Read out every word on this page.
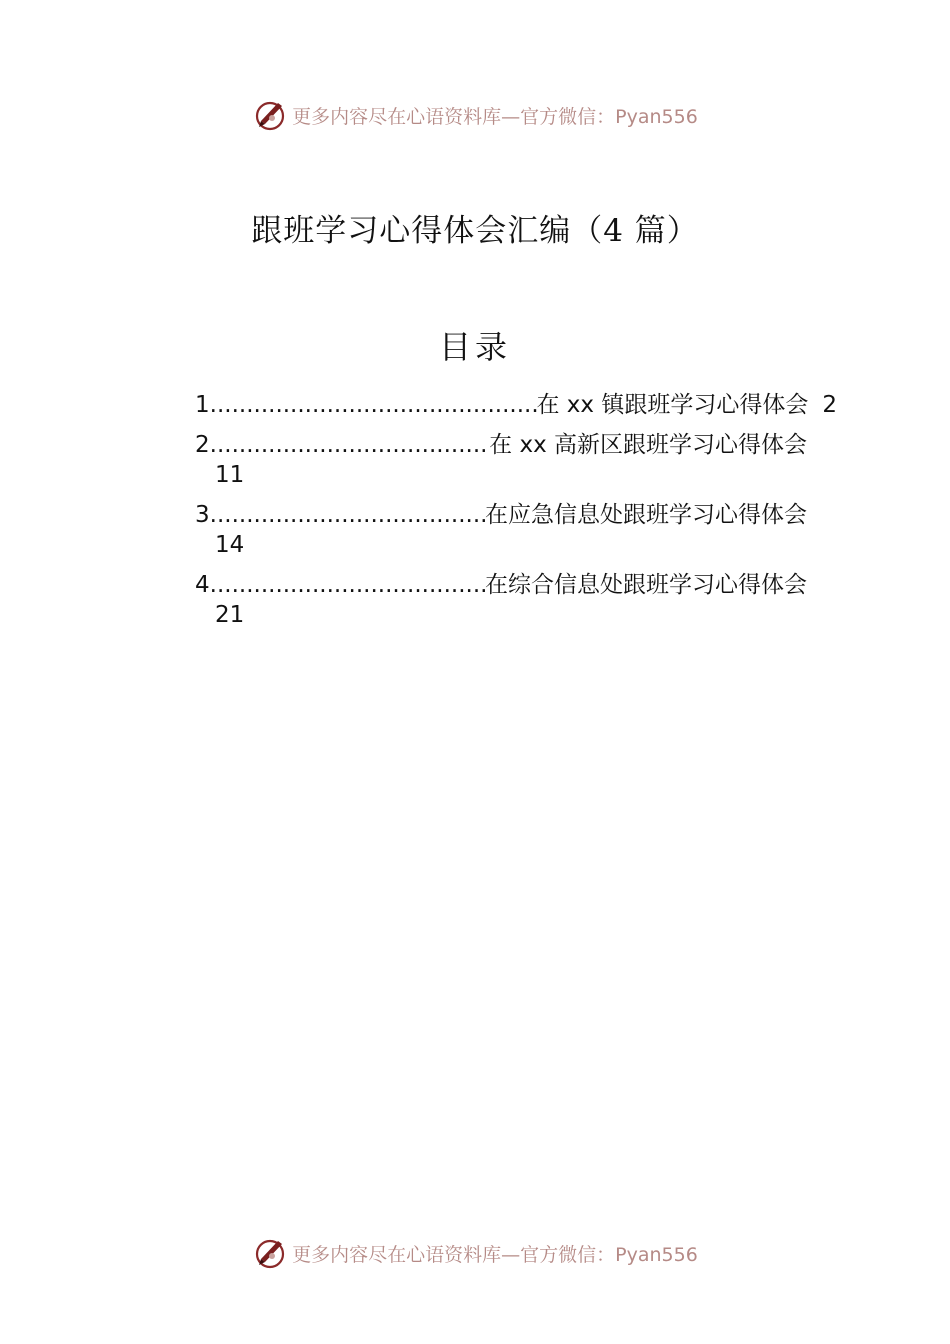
更多内容尽在心语资料库—官方微信：Pyan556
跟班学习心得体会汇编（4 篇）
目录
1 .....	在 xx 镇跟班学习心得体会 2
2 .....	在 xx 高新区跟班学习心得体会
11
3 .....	在应急信息处跟班学习心得体会
14
4 .....	在综合信息处跟班学习心得体会
21
更多内容尽在心语资料库—官方微信：Pyan556
